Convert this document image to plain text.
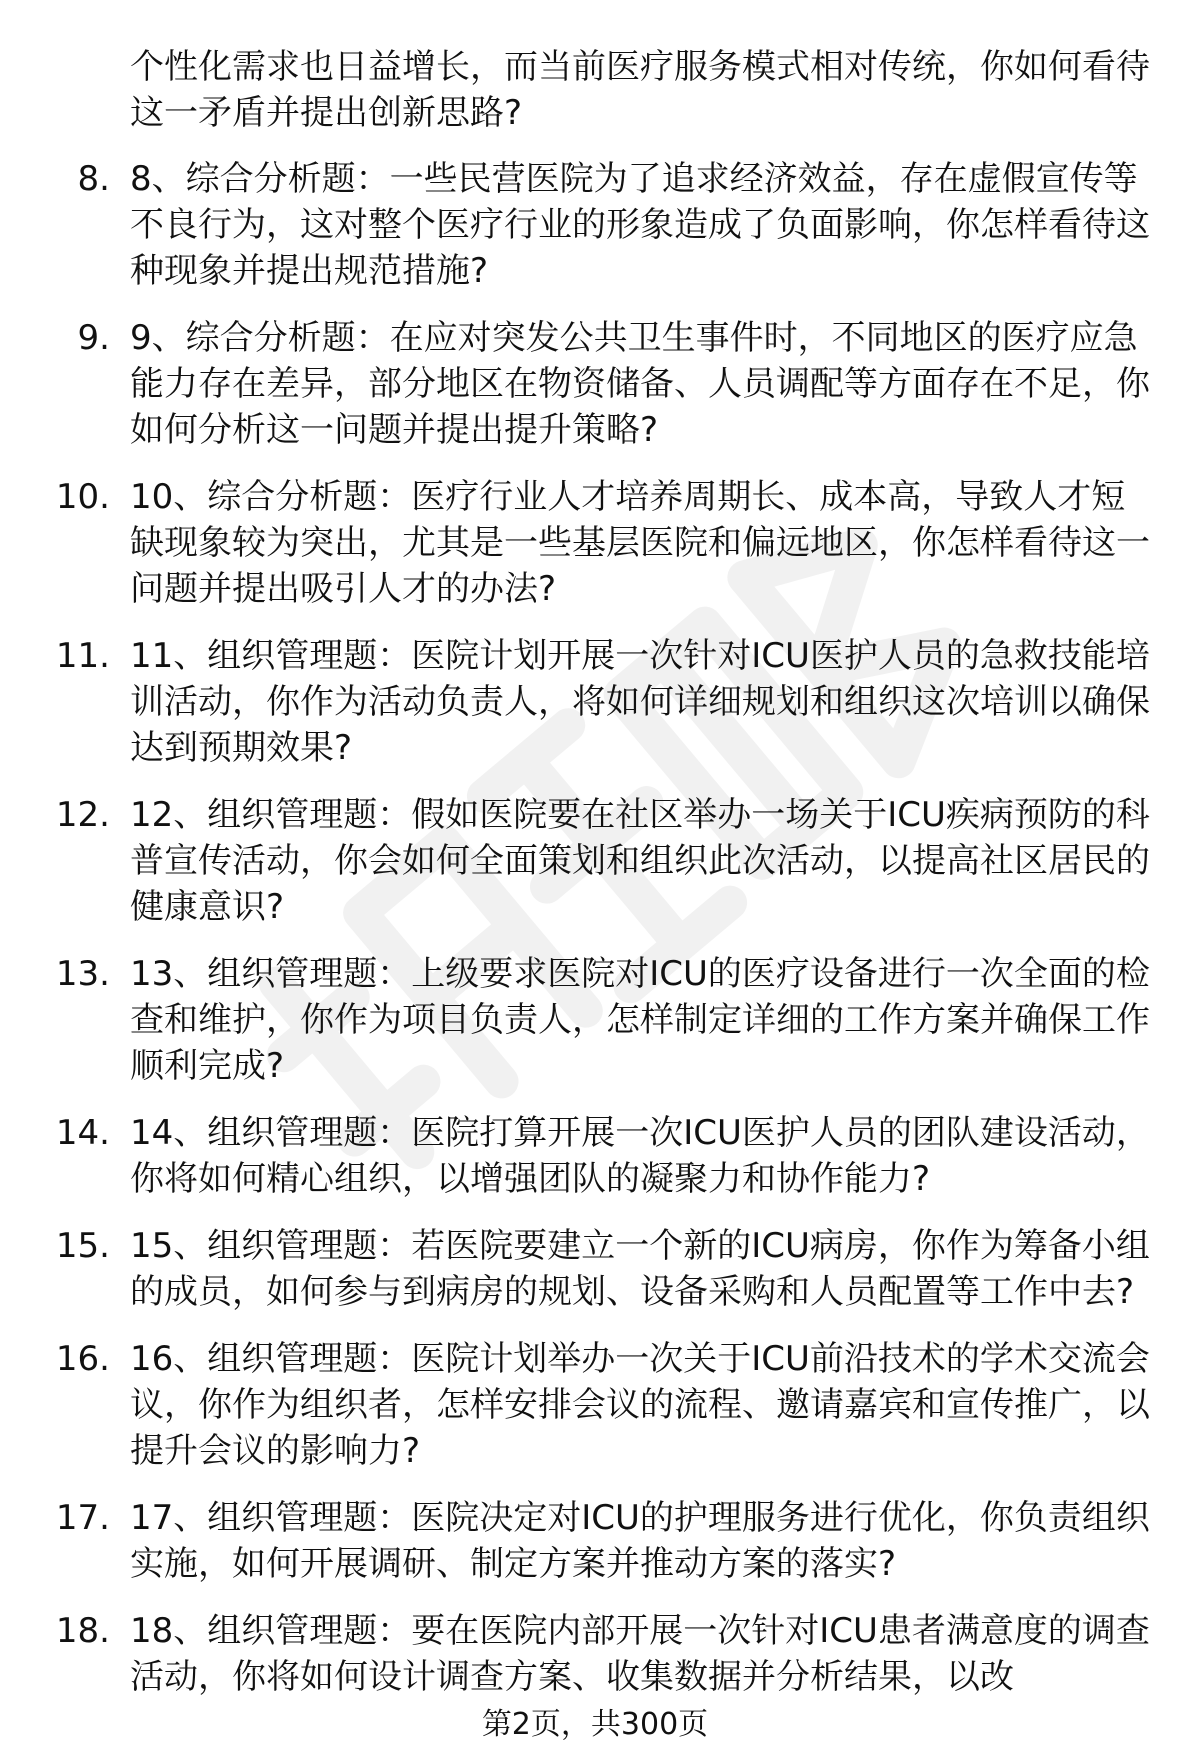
个性化需求也日益增长，而当前医疗服务模式相对传统，你如何看待这一矛盾并提出创新思路?
8. 8、综合分析题：一些民营医院为了追求经济效益，存在虚假宣传等不良行为，这对整个医疗行业的形象造成了负面影响，你怎样看待这种现象并提出规范措施?
9. 9、综合分析题：在应对突发公共卫生事件时，不同地区的医疗应急能力存在差异，部分地区在物资储备、人员调配等方面存在不足，你如何分析这一问题并提出提升策略?
10. 10、综合分析题：医疗行业人才培养周期长、成本高，导致人才短缺现象较为突出，尤其是一些基层医院和偏远地区，你怎样看待这一问题并提出吸引人才的办法?
11. 11、组织管理题：医院计划开展一次针对ICU医护人员的急救技能培训活动，你作为活动负责人，将如何详细规划和组织这次培训以确保达到预期效果?
12. 12、组织管理题：假如医院要在社区举办一场关于ICU疾病预防的科普宣传活动，你会如何全面策划和组织此次活动，以提高社区居民的健康意识?
13. 13、组织管理题：上级要求医院对ICU的医疗设备进行一次全面的检查和维护，你作为项目负责人，怎样制定详细的工作方案并确保工作顺利完成?
14. 14、组织管理题：医院打算开展一次ICU医护人员的团队建设活动，你将如何精心组织，以增强团队的凝聚力和协作能力?
15. 15、组织管理题：若医院要建立一个新的ICU病房，你作为筹备小组的成员，如何参与到病房的规划、设备采购和人员配置等工作中去?
16. 16、组织管理题：医院计划举办一次关于ICU前沿技术的学术交流会议，你作为组织者，怎样安排会议的流程、邀请嘉宾和宣传推广，以提升会议的影响力?
17. 17、组织管理题：医院决定对ICU的护理服务进行优化，你负责组织实施，如何开展调研、制定方案并推动方案的落实?
18. 18、组织管理题：要在医院内部开展一次针对ICU患者满意度的调查活动，你将如何设计调查方案、收集数据并分析结果，以改
第2页，共300页
